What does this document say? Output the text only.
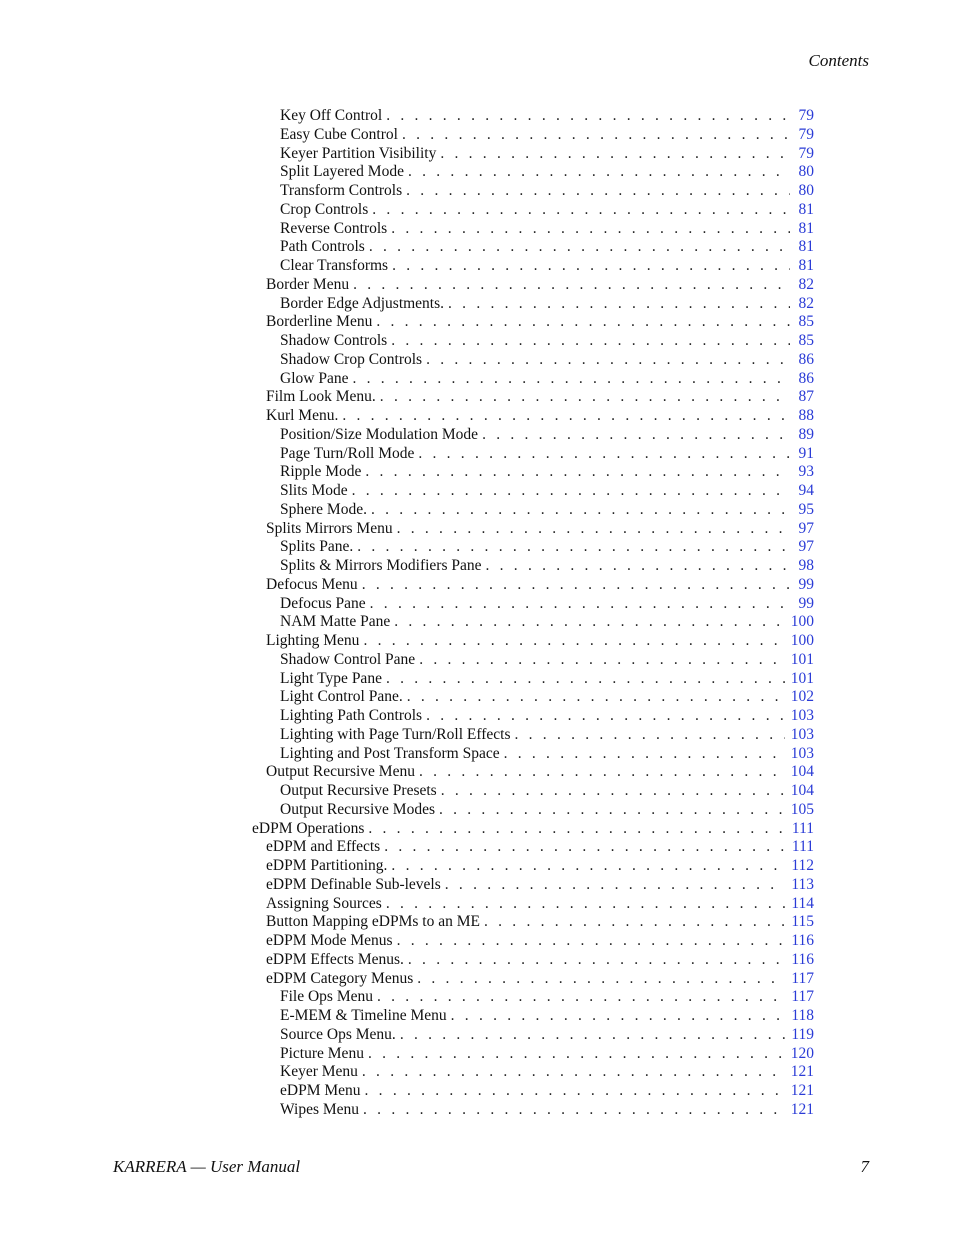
Contents
Key Off Control . . .	79
Easy Cube Control . . .	79
Keyer Partition Visibility . . .	79
Split Layered Mode . . .	80
Transform Controls . . .	80
Crop Controls . . .	81
Reverse Controls . . .	81
Path Controls . . .	81
Clear Transforms . . .	81
Border Menu . . .	82
Border Edge Adjustments. . . .	82
Borderline Menu . . .	85
Shadow Controls . . .	85
Shadow Crop Controls . . .	86
Glow Pane . . .	86
Film Look Menu. . . .	87
Kurl Menu. . . .	88
Position/Size Modulation Mode . . .	89
Page Turn/Roll Mode . . .	91
Ripple Mode . . .	93
Slits Mode . . .	94
Sphere Mode. . . .	95
Splits Mirrors Menu . . .	97
Splits Pane. . . .	97
Splits & Mirrors Modifiers Pane . . .	98
Defocus Menu . . .	99
Defocus Pane . . .	99
NAM Matte Pane . . .	100
Lighting Menu . . .	100
Shadow Control Pane . . .	101
Light Type Pane . . .	101
Light Control Pane. . . .	102
Lighting Path Controls . . .	103
Lighting with Page Turn/Roll Effects . . .	103
Lighting and Post Transform Space . . .	103
Output Recursive Menu . . .	104
Output Recursive Presets . . .	104
Output Recursive Modes . . .	105
eDPM Operations . . .	111
eDPM and Effects . . .	111
eDPM Partitioning. . . .	112
eDPM Definable Sub-levels . . .	113
Assigning Sources . . .	114
Button Mapping eDPMs to an ME . . .	115
eDPM Mode Menus . . .	116
eDPM Effects Menus. . . .	116
eDPM Category Menus . . .	117
File Ops Menu . . .	117
E-MEM & Timeline Menu . . .	118
Source Ops Menu. . . .	119
Picture Menu . . .	120
Keyer Menu . . .	121
eDPM Menu . . .	121
Wipes Menu . . .	121
KARRERA — User Manual	7
